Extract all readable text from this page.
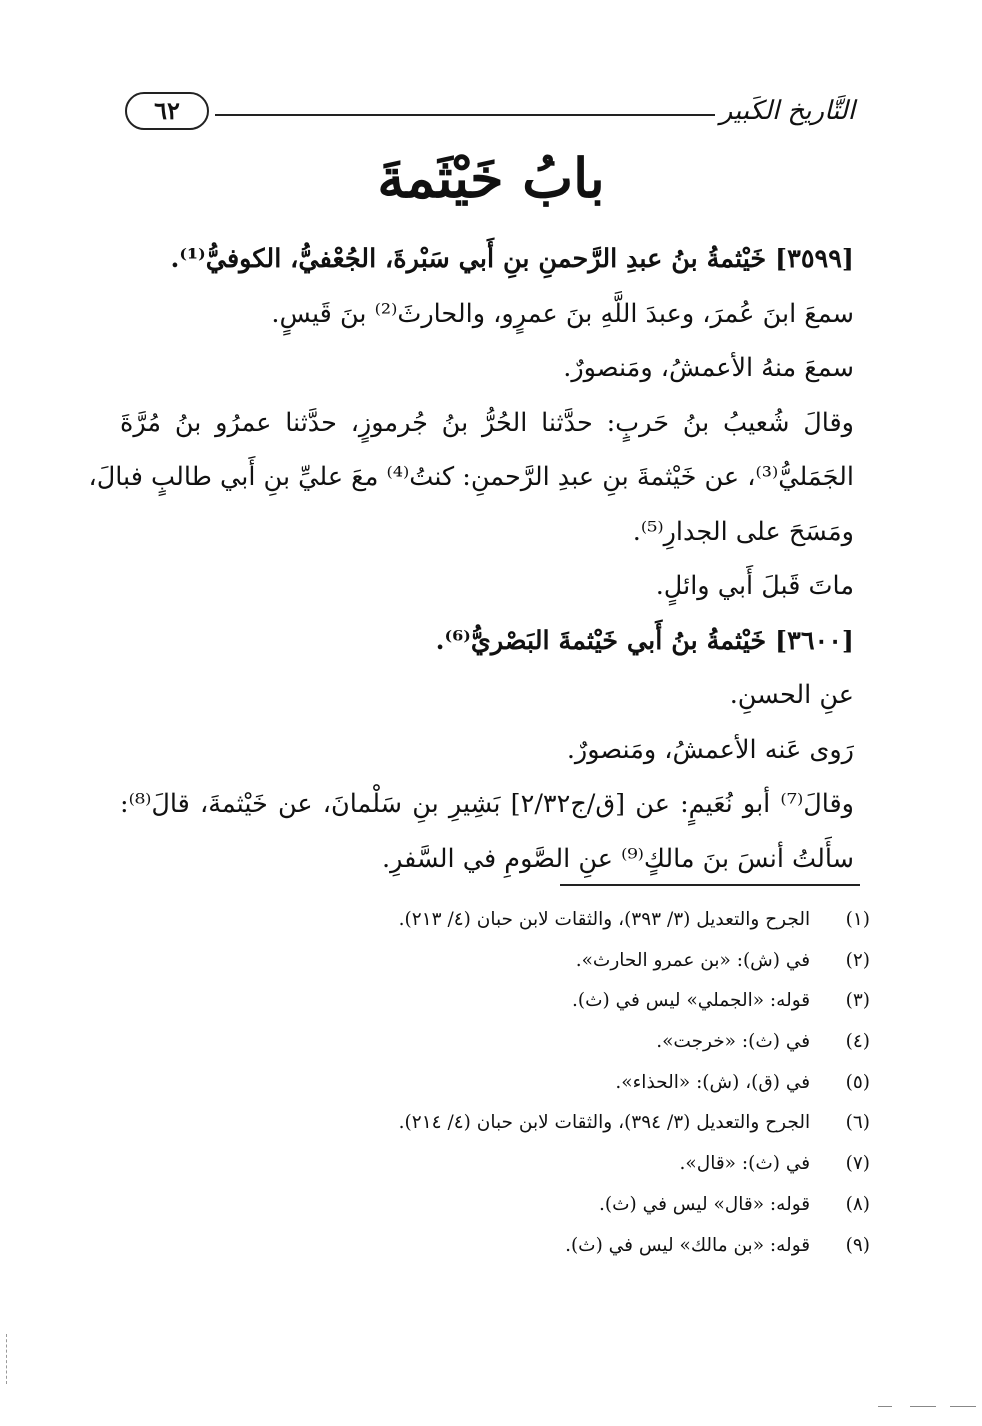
التَّاريخ الكَبير
٦٢
بابُ خَيْثَمةَ
[٣٥٩٩] خَيْثمةُ بنُ عبدِ الرَّحمنِ بنِ أَبي سَبْرةَ، الجُعْفيُّ، الكوفيُّ⁽¹⁾.
سمعَ ابنَ عُمرَ، وعبدَ اللَّهِ بنَ عمرٍو، والحارثَ⁽²⁾ بنَ قَيسٍ.
سمعَ منهُ الأعمشُ، ومَنصورٌ.
وقالَ شُعيبُ بنُ حَربٍ: حدَّثنا الحُرُّ بنُ جُرموزٍ، حدَّثنا عمرُو بنُ مُرَّةَ
الجَمَليُّ⁽³⁾، عن خَيْثمةَ بنِ عبدِ الرَّحمنِ: كنتُ⁽⁴⁾ معَ عليِّ بنِ أَبي طالبٍ فبالَ،
ومَسَحَ على الجدارِ⁽⁵⁾.
ماتَ قَبلَ أَبي وائلٍ.
[٣٦٠٠] خَيْثمةُ بنُ أَبي خَيْثمةَ البَصْريُّ⁽⁶⁾.
عنِ الحسنِ.
رَوى عَنه الأعمشُ، ومَنصورٌ.
وقالَ⁽⁷⁾ أبو نُعَيمٍ: عن [ق/ج٢/٣٢] بَشِيرِ بنِ سَلْمانَ، عن خَيْثمةَ، قالَ⁽⁸⁾:
سأَلتُ أنسَ بنَ مالكٍ⁽⁹⁾ عنِ الصَّومِ في السَّفرِ.
(١) الجرح والتعديل (٣/ ٣٩٣)، والثقات لابن حبان (٤/ ٢١٣).
(٢) في (ش): «بن عمرو الحارث».
(٣) قوله: «الجملي» ليس في (ث).
(٤) في (ث): «خرجت».
(٥) في (ق)، (ش): «الحذاء».
(٦) الجرح والتعديل (٣/ ٣٩٤)، والثقات لابن حبان (٤/ ٢١٤).
(٧) في (ث): «قال».
(٨) قوله: «قال» ليس في (ث).
(٩) قوله: «بن مالك» ليس في (ث).
